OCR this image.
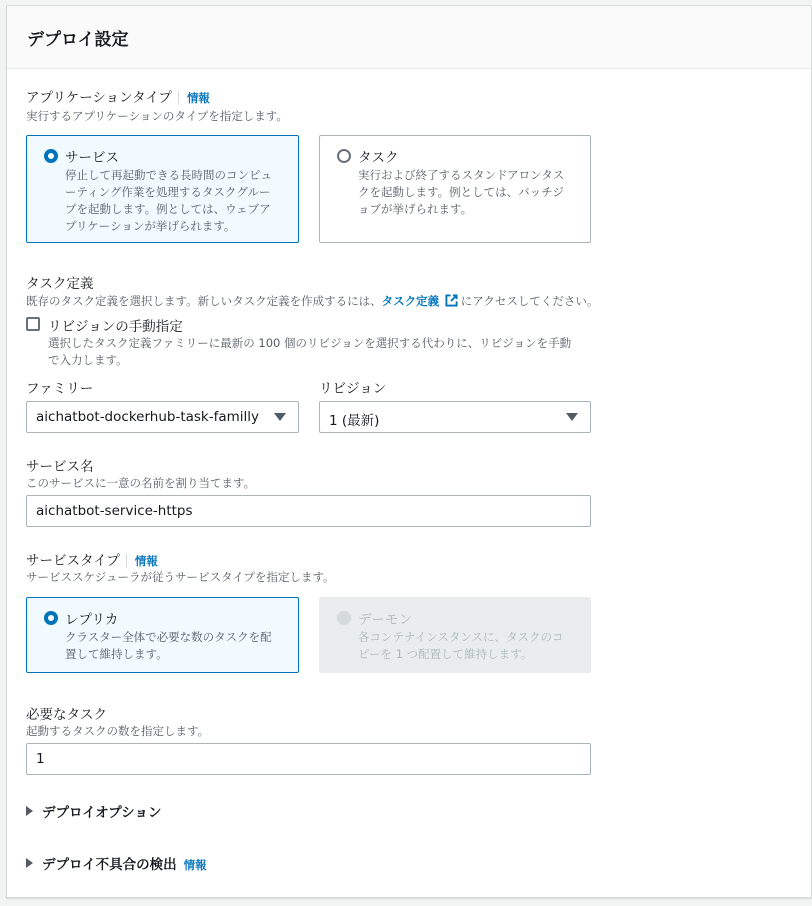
デプロイ設定
アプリケーションタイプ 情報
実行するアプリケーションのタイプを指定します。
サービス
停止して再起動できる長時間のコンピュ
ーティング作業を処理するタスクグルー
プを起動します。例としては、ウェブア
プリケーションが挙げられます。
タスク
実行および終了するスタンドアロンタス
クを起動します。例としては、バッチジ
ョブが挙げられます。
タスク定義
既存のタスク定義を選択します。新しいタスク定義を作成するには、タスク定義 にアクセスしてください。
リビジョンの手動指定
選択したタスク定義ファミリーに最新の 100 個のリビジョンを選択する代わりに、リビジョンを手動
で入力します。
ファミリー
aichatbot-dockerhub-task-familly
リビジョン
1 (最新)
サービス名
このサービスに一意の名前を割り当てます。
aichatbot-service-https
サービスタイプ 情報
サービススケジューラが従うサービスタイプを指定します。
レプリカ
クラスター全体で必要な数のタスクを配
置して維持します。
デーモン
各コンテナインスタンスに、タスクのコ
ピーを 1 つ配置して維持します。
必要なタスク
起動するタスクの数を指定します。
1
デプロイオプション
デプロイ不具合の検出 情報
